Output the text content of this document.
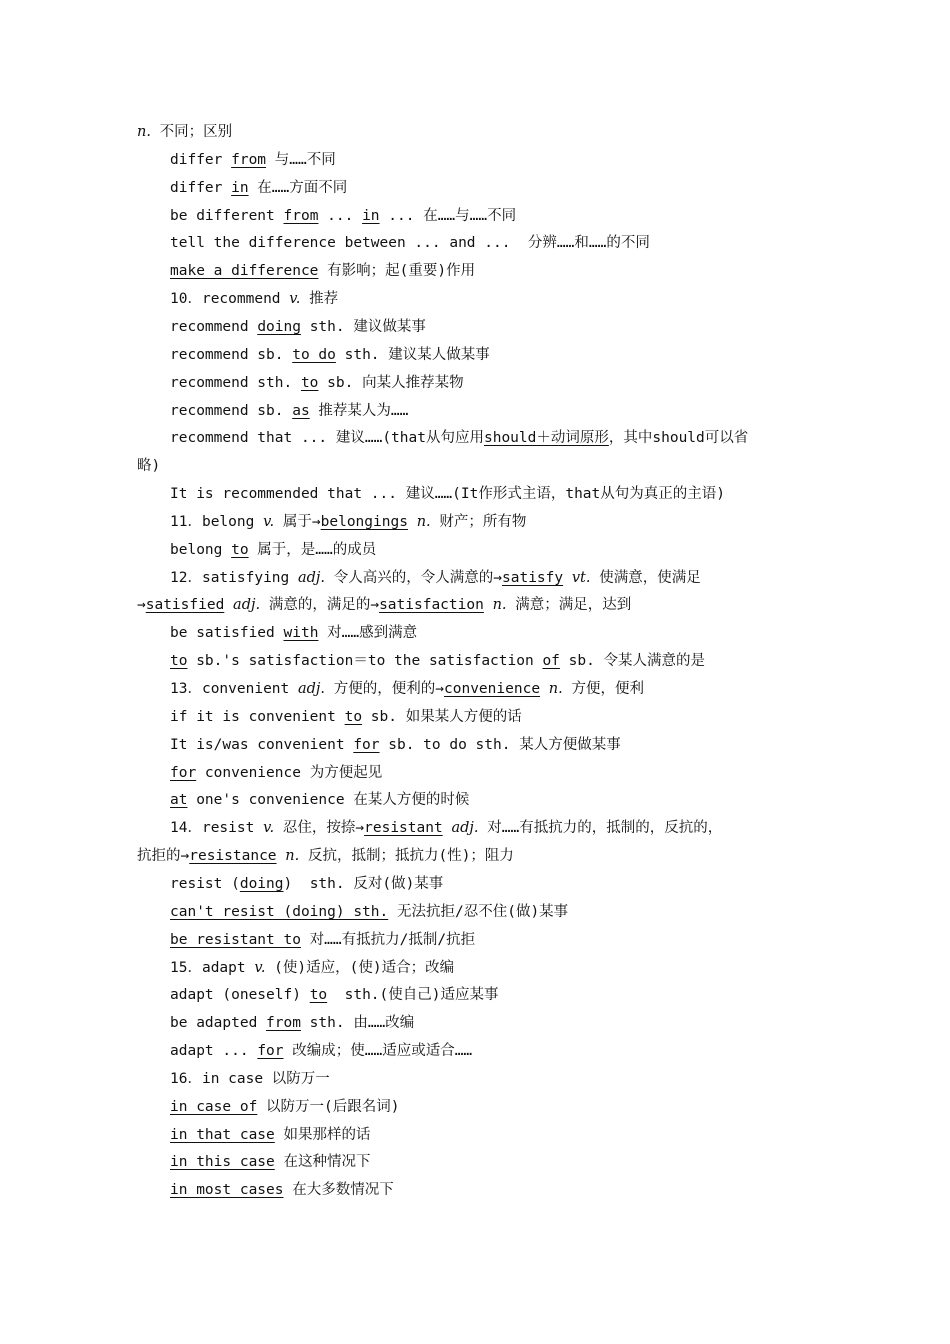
n. 不同；区别
differ from 与……不同
differ in 在……方面不同
be different from ... in ... 在……与……不同
tell the difference between ... and ...  分辨……和……的不同
make a difference 有影响；起(重要)作用
10．recommend v. 推荐
recommend doing sth. 建议做某事
recommend sb. to do sth. 建议某人做某事
recommend sth. to sb. 向某人推荐某物
recommend sb. as 推荐某人为……
recommend that ... 建议……(that从句应用should＋动词原形，其中should可以省
略)
It is recommended that ... 建议……(It作形式主语，that从句为真正的主语)
11．belong v. 属于→belongings n. 财产；所有物
belong to 属于，是……的成员
12．satisfying adj. 令人高兴的，令人满意的→satisfy vt. 使满意，使满足
→satisfied adj. 满意的，满足的→satisfaction n. 满意；满足，达到
be satisfied with 对……感到满意
to sb.'s satisfaction＝to the satisfaction of sb. 令某人满意的是
13．convenient adj. 方便的，便利的→convenience n. 方便，便利
if it is convenient to sb. 如果某人方便的话
It is/was convenient for sb. to do sth. 某人方便做某事
for convenience 为方便起见
at one's convenience 在某人方便的时候
14．resist v. 忍住，按捺→resistant adj. 对……有抵抗力的，抵制的，反抗的，
抗拒的→resistance n. 反抗，抵制；抵抗力(性)；阻力
resist (doing)  sth. 反对(做)某事
can't resist (doing) sth. 无法抗拒/忍不住(做)某事
be resistant to 对……有抵抗力/抵制/抗拒
15．adapt v. (使)适应，(使)适合；改编
adapt (oneself) to  sth.(使自己)适应某事
be adapted from sth. 由……改编
adapt ... for 改编成；使……适应或适合……
16．in case 以防万一
in case of 以防万一(后跟名词)
in that case 如果那样的话
in this case 在这种情况下
in most cases 在大多数情况下
